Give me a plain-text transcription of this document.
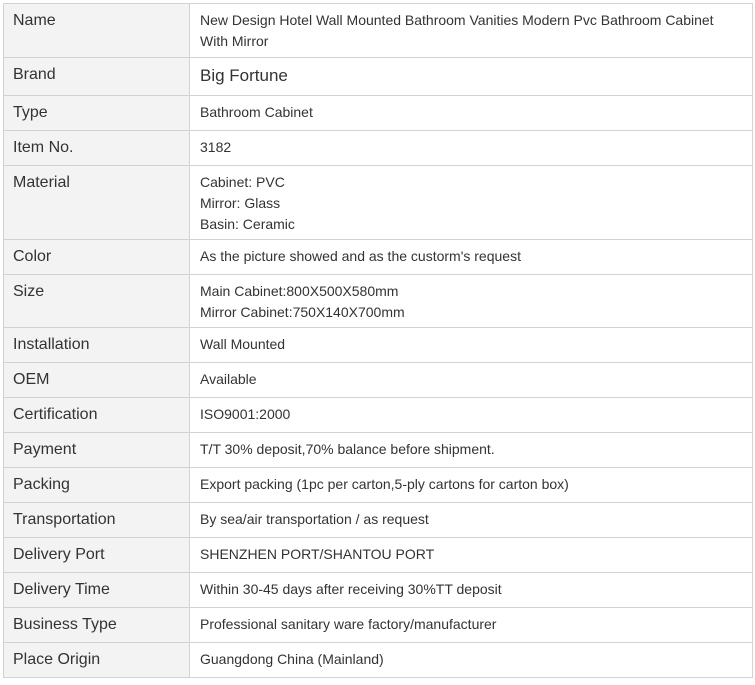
Name	New Design Hotel Wall Mounted Bathroom Vanities Modern Pvc Bathroom Cabinet With Mirror

Brand	Big Fortune

Type	Bathroom Cabinet

Item No.	3182

Material	Cabinet: PVC
Mirror: Glass
Basin: Ceramic

Color	As the picture showed and as the custorm's request

Size	Main Cabinet:800X500X580mm
Mirror Cabinet:750X140X700mm

Installation	Wall Mounted

OEM	Available

Certification	ISO9001:2000

Payment	T/T 30% deposit,70% balance before shipment.

Packing	Export packing (1pc per carton,5-ply cartons for carton box)

Transportation	By sea/air transportation / as request

Delivery Port	SHENZHEN PORT/SHANTOU PORT

Delivery Time	Within 30-45 days after receiving 30%TT deposit

Business Type	Professional sanitary ware factory/manufacturer

Place Origin	Guangdong China (Mainland)
